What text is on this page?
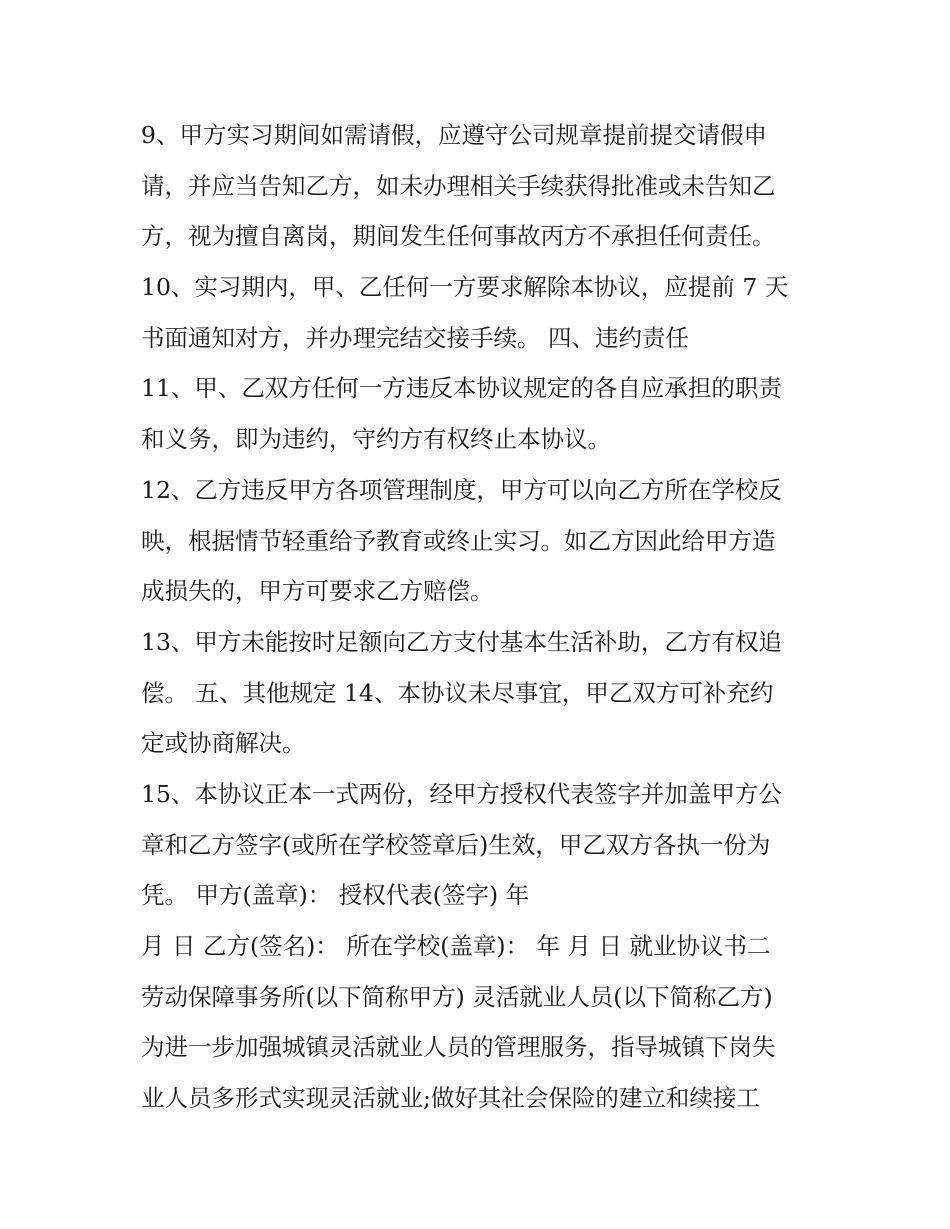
9、甲方实习期间如需请假，应遵守公司规章提前提交请假申
请，并应当告知乙方，如未办理相关手续获得批准或未告知乙
方，视为擅自离岗，期间发生任何事故丙方不承担任何责任。
10、实习期内，甲、乙任何一方要求解除本协议，应提前 7 天
书面通知对方，并办理完结交接手续。 四、违约责任
11、甲、乙双方任何一方违反本协议规定的各自应承担的职责
和义务，即为违约，守约方有权终止本协议。
12、乙方违反甲方各项管理制度，甲方可以向乙方所在学校反
映，根据情节轻重给予教育或终止实习。如乙方因此给甲方造
成损失的，甲方可要求乙方赔偿。
13、甲方未能按时足额向乙方支付基本生活补助，乙方有权追
偿。 五、其他规定 14、本协议未尽事宜，甲乙双方可补充约
定或协商解决。
15、本协议正本一式两份，经甲方授权代表签字并加盖甲方公
章和乙方签字(或所在学校签章后)生效，甲乙双方各执一份为
凭。 甲方(盖章)： 授权代表(签字) 年
月 日 乙方(签名)： 所在学校(盖章)： 年 月 日 就业协议书二
劳动保障事务所(以下简称甲方) 灵活就业人员(以下简称乙方)
为进一步加强城镇灵活就业人员的管理服务，指导城镇下岗失
业人员多形式实现灵活就业;做好其社会保险的建立和续接工
